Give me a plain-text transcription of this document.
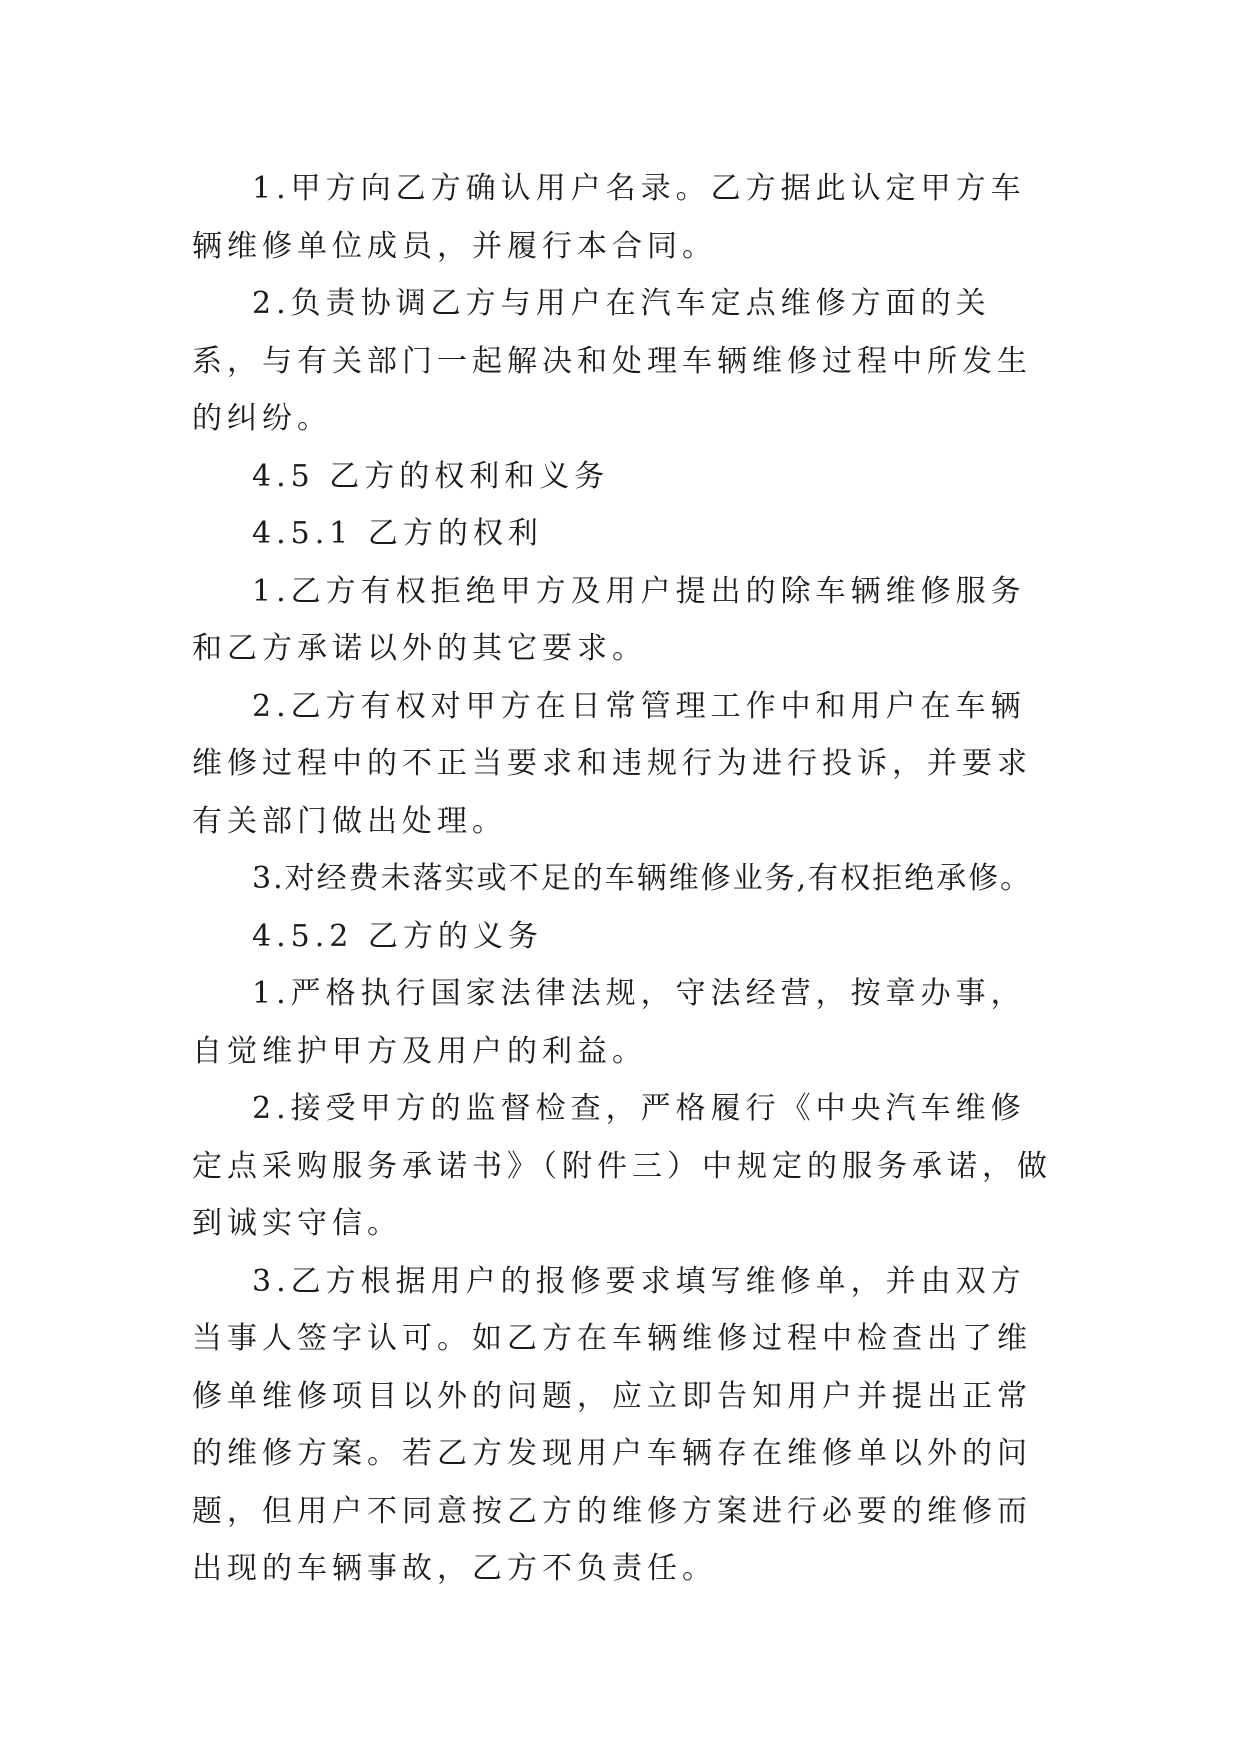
1.甲方向乙方确认用户名录。乙方据此认定甲方车辆维修单位成员，并履行本合同。

2.负责协调乙方与用户在汽车定点维修方面的关系，与有关部门一起解决和处理车辆维修过程中所发生的纠纷。

4.5 乙方的权利和义务

4.5.1 乙方的权利

1.乙方有权拒绝甲方及用户提出的除车辆维修服务和乙方承诺以外的其它要求。

2.乙方有权对甲方在日常管理工作中和用户在车辆维修过程中的不正当要求和违规行为进行投诉，并要求有关部门做出处理。

3.对经费未落实或不足的车辆维修业务,有权拒绝承修。

4.5.2 乙方的义务

1.严格执行国家法律法规，守法经营，按章办事，自觉维护甲方及用户的利益。

2.接受甲方的监督检查，严格履行《中央汽车维修定点采购服务承诺书》（附件三）中规定的服务承诺，做到诚实守信。

3.乙方根据用户的报修要求填写维修单，并由双方当事人签字认可。如乙方在车辆维修过程中检查出了维修单维修项目以外的问题，应立即告知用户并提出正常的维修方案。若乙方发现用户车辆存在维修单以外的问题，但用户不同意按乙方的维修方案进行必要的维修而出现的车辆事故，乙方不负责任。
